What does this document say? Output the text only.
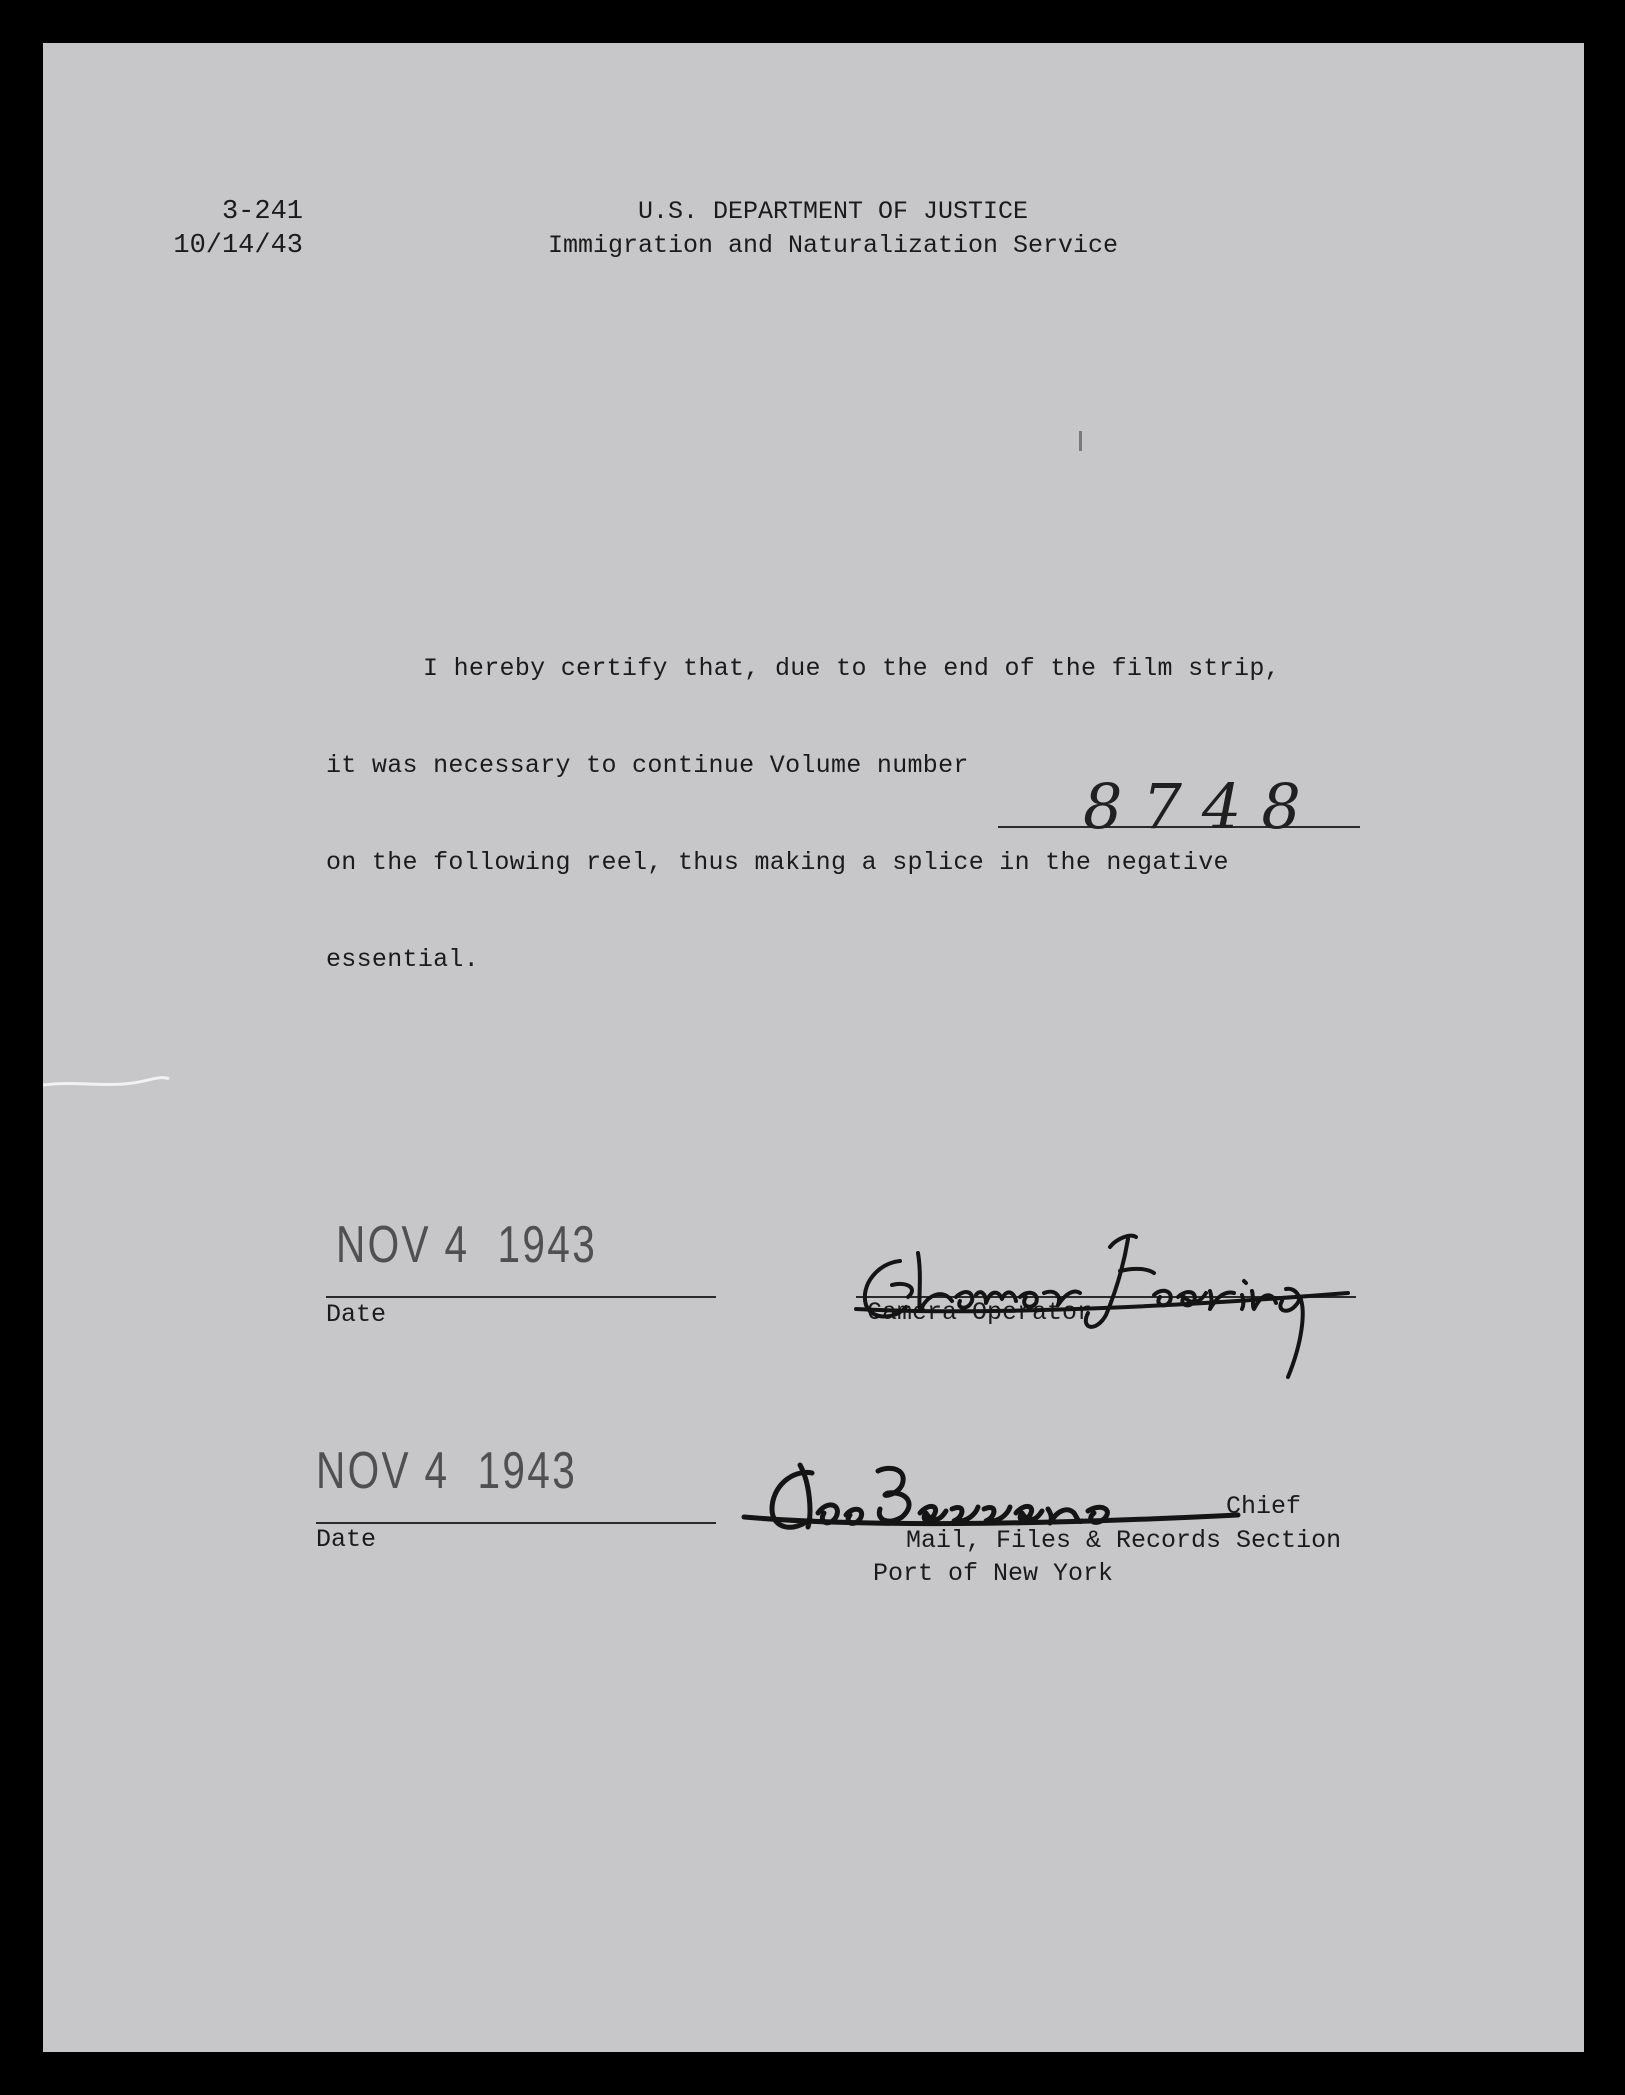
3-241
10/14/43
U.S. DEPARTMENT OF JUSTICE
Immigration and Naturalization Service
I hereby certify that, due to the end of the film strip,
it was necessary to continue Volume number
8748
on the following reel, thus making a splice in the negative
essential.
NOV 4 1943
Date	Camera Operator
NOV 4 1943
Date
Chief
Mail, Files & Records Section
Port of New York
